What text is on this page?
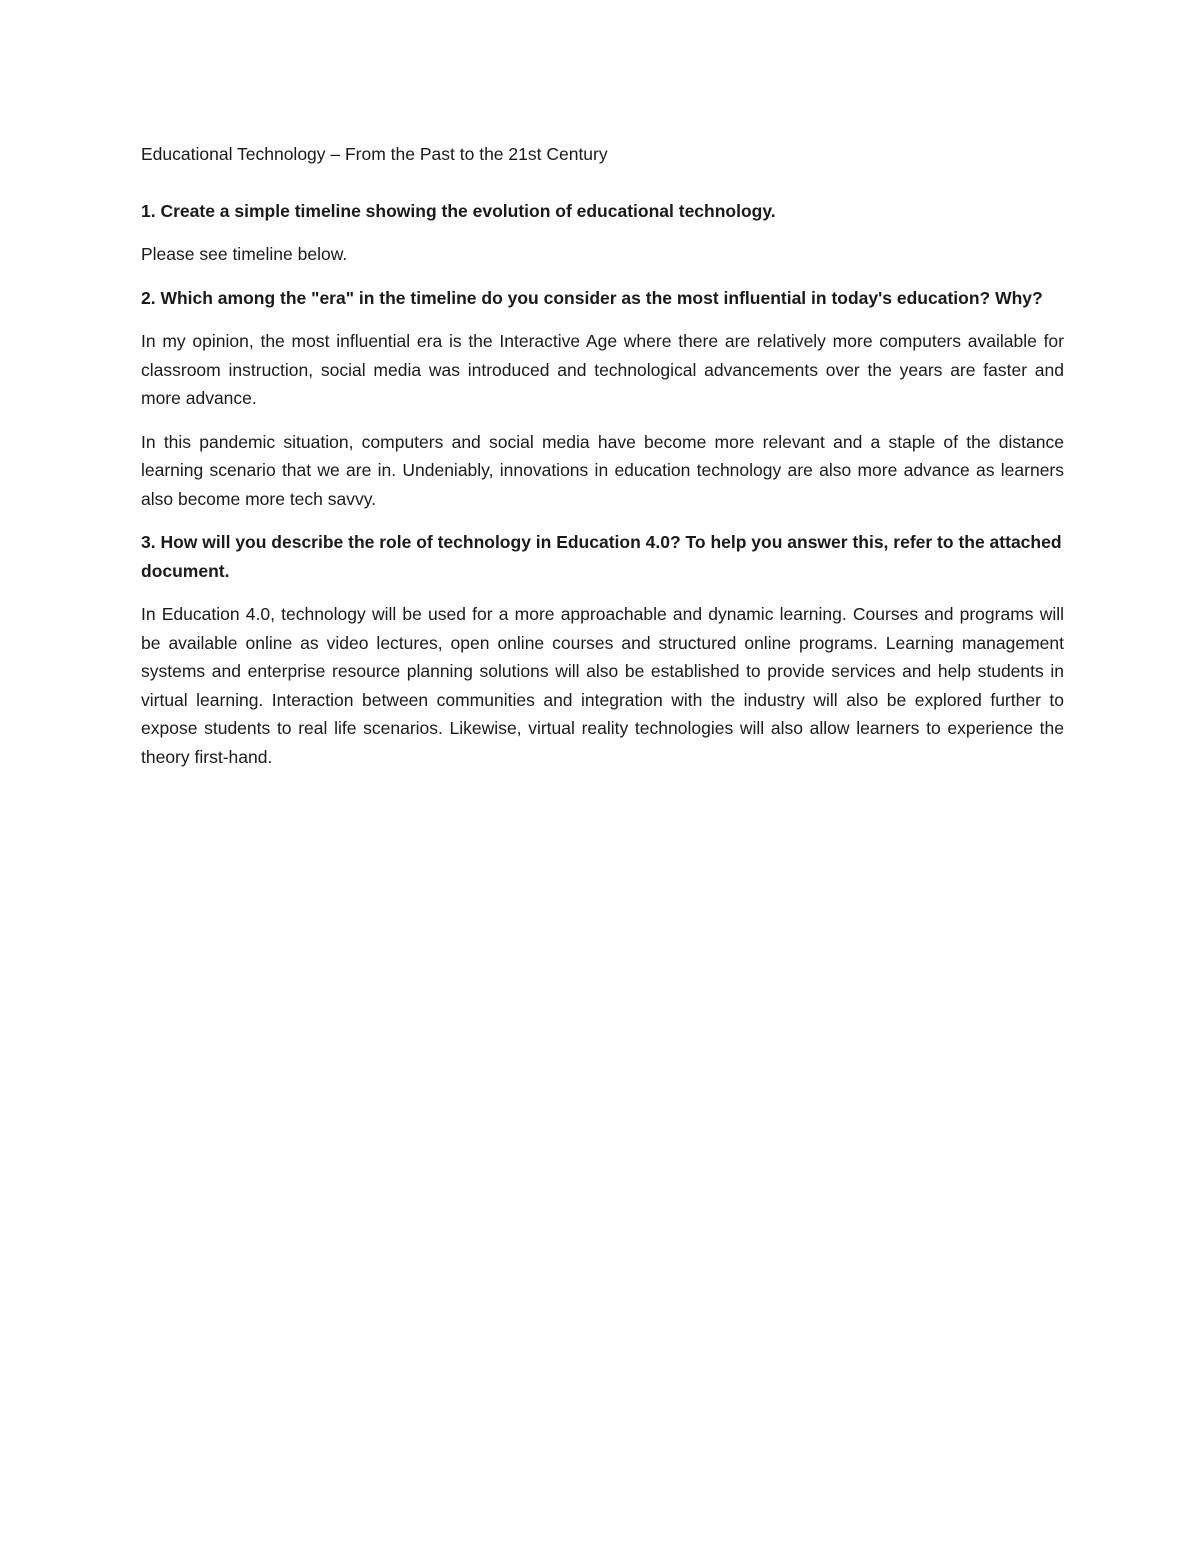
Educational Technology – From the Past to the 21st Century

1. Create a simple timeline showing the evolution of educational technology.

Please see timeline below.

2. Which among the "era" in the timeline do you consider as the most influential in today's education? Why?

In my opinion, the most influential era is the Interactive Age where there are relatively more computers available for classroom instruction, social media was introduced and technological advancements over the years are faster and more advance.

In this pandemic situation, computers and social media have become more relevant and a staple of the distance learning scenario that we are in. Undeniably, innovations in education technology are also more advance as learners also become more tech savvy.

3. How will you describe the role of technology in Education 4.0? To help you answer this, refer to the attached document.

In Education 4.0, technology will be used for a more approachable and dynamic learning. Courses and programs will be available online as video lectures, open online courses and structured online programs. Learning management systems and enterprise resource planning solutions will also be established to provide services and help students in virtual learning. Interaction between communities and integration with the industry will also be explored further to expose students to real life scenarios. Likewise, virtual reality technologies will also allow learners to experience the theory first-hand.
